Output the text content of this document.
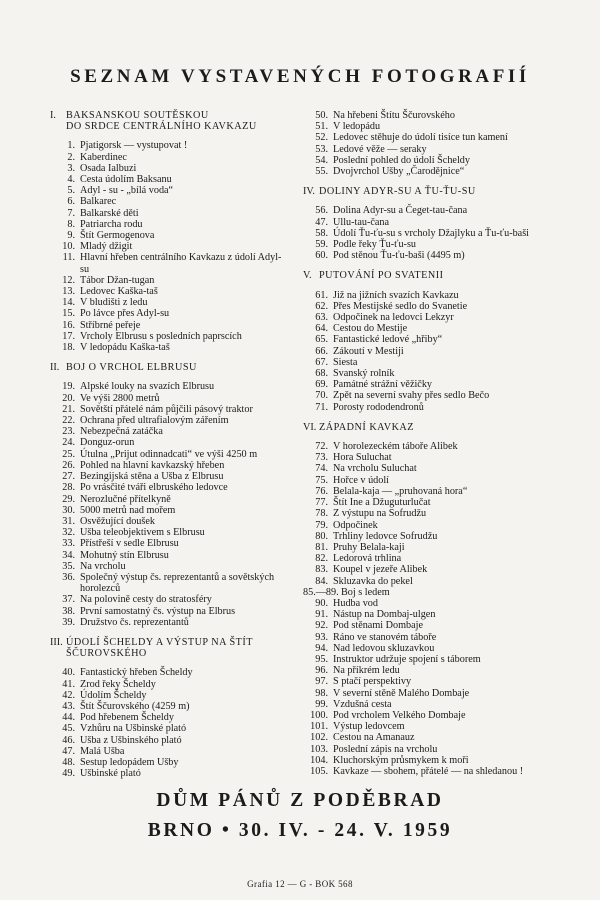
SEZNAM VYSTAVENÝCH FOTOGRAFIÍ
I. BAKSANSKOU SOUTĚSKOU
DO SRDCE CENTRÁLNÍHO KAVKAZU
1. Pjatigorsk — vystupovat !
2. Kaberdinec
3. Osada Ialbuzi
4. Cesta údolím Baksanu
5. Adyl - su - „bílá voda“
6. Balkarec
7. Balkarské děti
8. Patriarcha rodu
9. Štít Germogenova
10. Mladý džigit
11. Hlavní hřeben centrálního Kavkazu z údolí Adyl-su
12. Tábor Džan-tugan
13. Ledovec Kaška-taš
14. V bludišti z ledu
15. Po lávce přes Adyl-su
16. Stříbrné peřeje
17. Vrcholy Elbrusu s posledních paprscích
18. V ledopádu Kaška-taš
II. BOJ O VRCHOL ELBRUSU
19. Alpské louky na svazích Elbrusu
20. Ve výši 2800 metrů
21. Sovětští přátelé nám půjčili pásový traktor
22. Ochrana před ultrafialovým zářením
23. Nebezpečná zatáčka
24. Donguz-orun
25. Útulna „Prijut odinnadcati“ ve výši 4250 m
26. Pohled na hlavní kavkazský hřeben
27. Bezingijská stěna a Ušba z Elbrusu
28. Po vrásčité tváři elbruského ledovce
29. Nerozlučné přítelkyně
30. 5000 metrů nad mořem
31. Osvěžující doušek
32. Ušba teleobjektivem s Elbrusu
33. Přístřeší v sedle Elbrusu
34. Mohutný stín Elbrusu
35. Na vrcholu
36. Společný výstup čs. reprezentantů a sovětských horolezců
37. Na polovině cesty do stratosféry
38. První samostatný čs. výstup na Elbrus
39. Družstvo čs. reprezentantů
III. ÚDOLÍ ŠCHELDY A VÝSTUP NA ŠTÍT
ŠČUROVSKÉHO
40. Fantastický hřeben Šcheldy
41. Zrod řeky Šcheldy
42. Údolím Šcheldy
43. Štít Ščurovského (4259 m)
44. Pod hřebenem Šcheldy
45. Vzhůru na Ušbinské plató
46. Ušba z Ušbinského plató
47. Malá Ušba
48. Sestup ledopádem Ušby
49. Ušbinské plató
50. Na hřebeni Štítu Ščurovského
51. V ledopádu
52. Ledovec stěhuje do údolí tisíce tun kamení
53. Ledové věže — seraky
54. Poslední pohled do údolí Šcheldy
55. Dvojvrchol Ušby „Čarodějnice“
IV. DOLINY ADYR-SU A ŤU-ŤU-SU
56. Dolina Adyr-su a Čeget-tau-čana
47. Ullu-tau-čana
58. Údolí Ťu-ťu-su s vrcholy Džajlyku a Ťu-ťu-baši
59. Podle řeky Ťu-ťu-su
60. Pod stěnou Ťu-ťu-baši (4495 m)
V. PUTOVÁNÍ PO SVATENII
61. Již na jižních svazích Kavkazu
62. Přes Mestijské sedlo do Svanetie
63. Odpočinek na ledovci Lekzyr
64. Cestou do Mestije
65. Fantastické ledové „hřiby“
66. Zákoutí v Mestiji
67. Siesta
68. Svanský rolník
69. Památné strážní věžičky
70. Zpět na severní svahy přes sedlo Bečo
71. Porosty rododendronů
VI. ZÁPADNÍ KAVKAZ
72. V horolezeckém táboře Alibek
73. Hora Suluchat
74. Na vrcholu Suluchat
75. Hořce v údolí
76. Belala-kaja — „pruhovaná hora“
77. Štít Ine a Džuguturlučat
78. Z výstupu na Sofrudžu
79. Odpočinek
80. Trhliny ledovce Sofrudžu
81. Pruhy Belala-kaji
82. Ledorová trhlina
83. Koupel v jezeře Alibek
84. Skluzavka do pekel
85.—89. Boj s ledem
90. Hudba vod
91. Nástup na Dombaj-ulgen
92. Pod stěnami Dombaje
93. Ráno ve stanovém táboře
94. Nad ledovou skluzavkou
95. Instruktor udržuje spojení s táborem
96. Na příkrém ledu
97. S ptačí perspektivy
98. V severní stěně Malého Dombaje
99. Vzdušná cesta
100. Pod vrcholem Velkého Dombaje
101. Výstup ledovcem
102. Cestou na Amanauz
103. Poslední zápis na vrcholu
104. Kluchorským průsmykem k moři
105. Kavkaze — sbohem, přátelé — na shledanou !
DŮM PÁNŮ Z PODĚBRAD
BRNO • 30. IV. - 24. V. 1959
Grafia 12 — G - BOK 568
